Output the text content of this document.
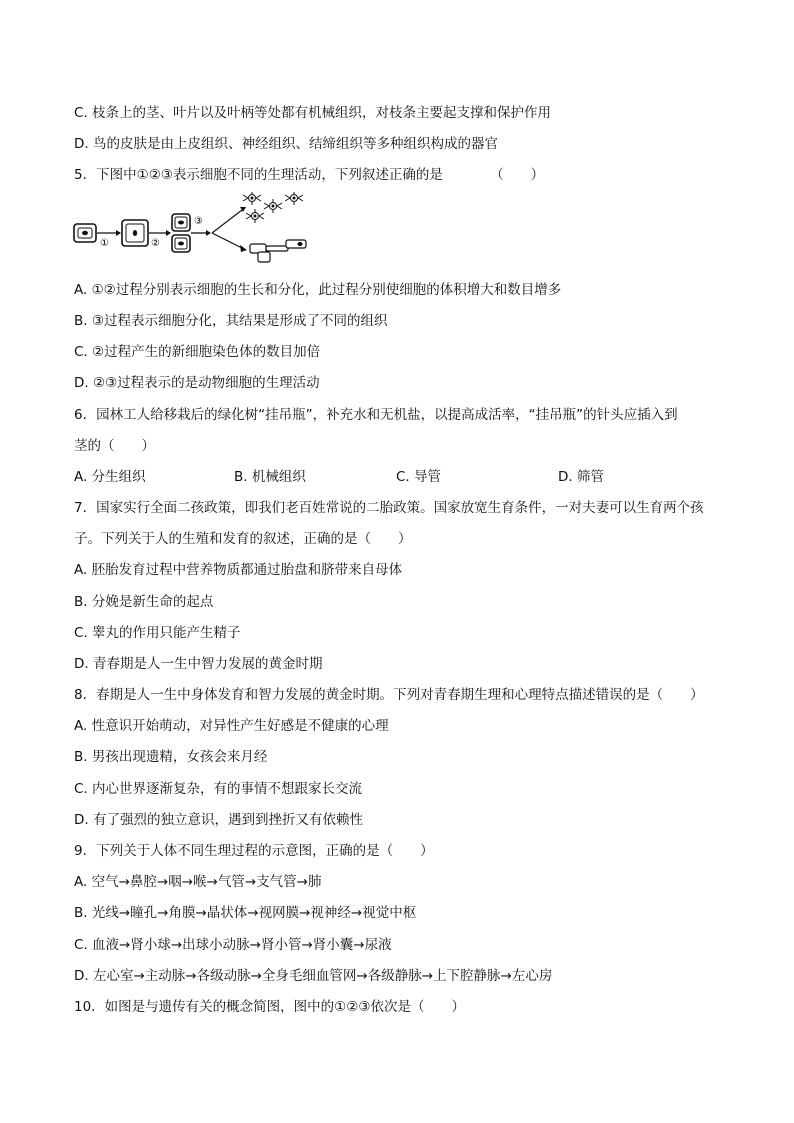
C. 枝条上的茎、叶片以及叶柄等处都有机械组织，对枝条主要起支撑和保护作用
D. 鸟的皮肤是由上皮组织、神经组织、结缔组织等多种组织构成的器官
5．下图中①②③表示细胞不同的生理活动，下列叙述正确的是　　　　（　　）
①	②
③
A. ①②过程分别表示细胞的生长和分化，此过程分别使细胞的体积增大和数目增多
B. ③过程表示细胞分化，其结果是形成了不同的组织
C. ②过程产生的新细胞染色体的数目加倍
D. ②③过程表示的是动物细胞的生理活动
6．园林工人给移栽后的绿化树“挂吊瓶”，补充水和无机盐，以提高成活率，“挂吊瓶”的针头应插入到
茎的（　　）
A. 分生组织	B. 机械组织	C. 导管	D. 筛管
7．国家实行全面二孩政策，即我们老百姓常说的二胎政策。国家放宽生育条件，一对夫妻可以生育两个孩
子。下列关于人的生殖和发育的叙述，正确的是（　　）
A. 胚胎发育过程中营养物质都通过胎盘和脐带来自母体
B. 分娩是新生命的起点
C. 睾丸的作用只能产生精子
D. 青春期是人一生中智力发展的黄金时期
8．春期是人一生中身体发育和智力发展的黄金时期。下列对青春期生理和心理特点描述错误的是（　　）
A. 性意识开始萌动，对异性产生好感是不健康的心理
B. 男孩出现遗精，女孩会来月经
C. 内心世界逐渐复杂，有的事情不想跟家长交流
D. 有了强烈的独立意识，遇到到挫折又有依赖性
9．下列关于人体不同生理过程的示意图，正确的是（　　）
A. 空气→鼻腔→咽→喉→气管→支气管→肺
B. 光线→瞳孔→角膜→晶状体→视网膜→视神经→视觉中枢
C. 血液→肾小球→出球小动脉→肾小管→肾小囊→尿液
D. 左心室→主动脉→各级动脉→全身毛细血管网→各级静脉→上下腔静脉→左心房
10．如图是与遗传有关的概念简图，图中的①②③依次是（　　）
